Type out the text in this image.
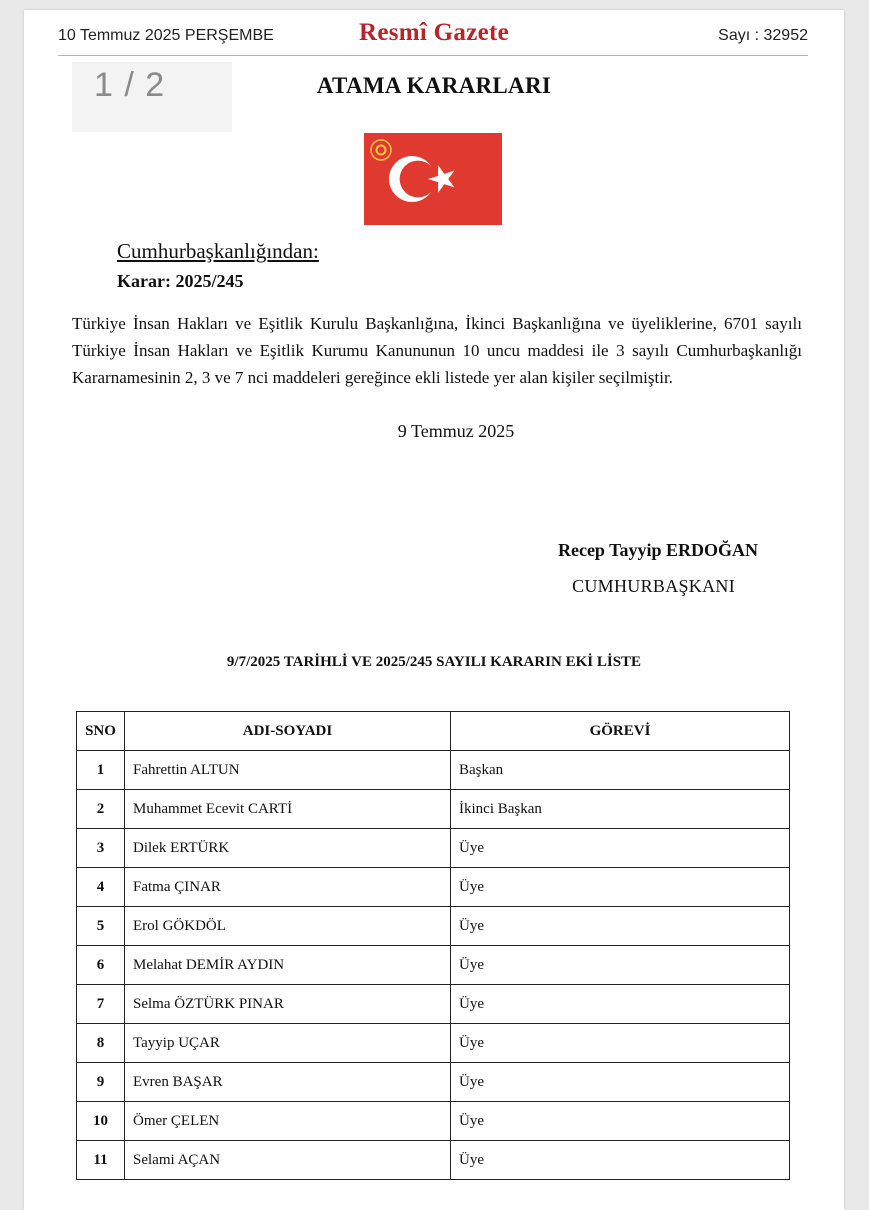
10 Temmuz 2025 PERŞEMBE	Resmî Gazete	Sayı : 32952
1 / 2	ATAMA KARARLARI
Cumhurbaşkanlığından:
Karar: 2025/245
Türkiye İnsan Hakları ve Eşitlik Kurulu Başkanlığına, İkinci Başkanlığına ve üyeliklerine, 6701 sayılı Türkiye İnsan Hakları ve Eşitlik Kurumu Kanununun 10 uncu maddesi ile 3 sayılı Cumhurbaşkanlığı Kararnamesinin 2, 3 ve 7 nci maddeleri gereğince ekli listede yer alan kişiler seçilmiştir.
9 Temmuz 2025
Recep Tayyip ERDOĞAN
CUMHURBAŞKANI
9/7/2025 TARİHLİ VE 2025/245 SAYILI KARARIN EKİ LİSTE
SNO	ADI-SOYADI	GÖREVİ
1	Fahrettin ALTUN	Başkan
2	Muhammet Ecevit CARTİ	İkinci Başkan
3	Dilek ERTÜRK	Üye
4	Fatma ÇINAR	Üye
5	Erol GÖKDÖL	Üye
6	Melahat DEMİR AYDIN	Üye
7	Selma ÖZTÜRK PINAR	Üye
8	Tayyip UÇAR	Üye
9	Evren BAŞAR	Üye
10	Ömer ÇELEN	Üye
11	Selami AÇAN	Üye
